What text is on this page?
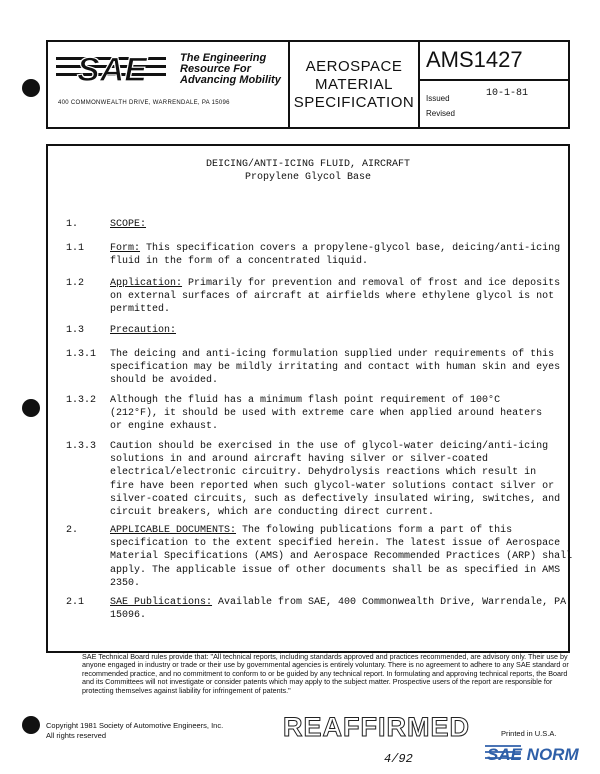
SAE	The Engineering
Resource For
Advancing Mobility
400 COMMONWEALTH DRIVE, WARRENDALE, PA 15096
AEROSPACE
MATERIAL
SPECIFICATION
AMS1427
Issued	10-1-81
Revised
DEICING/ANTI-ICING FLUID, AIRCRAFT
Propylene Glycol Base
1.	SCOPE:
1.1	Form: This specification covers a propylene-glycol base, deicing/anti-icing
fluid in the form of a concentrated liquid.
1.2	Application: Primarily for prevention and removal of frost and ice deposits
on external surfaces of aircraft at airfields where ethylene glycol is not
permitted.
1.3	Precaution:
1.3.1 The deicing and anti-icing formulation supplied under requirements of this
specification may be mildly irritating and contact with human skin and eyes
should be avoided.
1.3.2 Although the fluid has a minimum flash point requirement of 100°C
(212°F), it should be used with extreme care when applied around heaters
or engine exhaust.
1.3.3 Caution should be exercised in the use of glycol-water deicing/anti-icing
solutions in and around aircraft having silver or silver-coated
electrical/electronic circuitry. Dehydrolysis reactions which result in
fire have been reported when such glycol-water solutions contact silver or
silver-coated circuits, such as defectively insulated wiring, switches, and
circuit breakers, which are conducting direct current.
2.	APPLICABLE DOCUMENTS: The folowing publications form a part of this
specification to the extent specified herein. The latest issue of Aerospace
Material Specifications (AMS) and Aerospace Recommended Practices (ARP) shall
apply. The applicable issue of other documents shall be as specified in AMS
2350.
2.1	SAE Publications: Available from SAE, 400 Commonwealth Drive, Warrendale, PA
15096.
SAE Technical Board rules provide that: "All technical reports, including standards approved and practices recommended, are advisory only. Their use by anyone engaged in industry or trade or their use by governmental agencies is entirely voluntary. There is no agreement to adhere to any SAE standard or recommended practice, and no commitment to conform to or be guided by any technical report. In formulating and approving technical reports, the Board and its Committees will not investigate or consider patents which may apply to the subject matter. Prospective users of the report are responsible for protecting themselves against liability for infringement of patents."
Copyright 1981 Society of Automotive Engineers, Inc.
All rights reserved	REAFFIRMED	Printed in U.S.A.
SAE NORM
4/92
